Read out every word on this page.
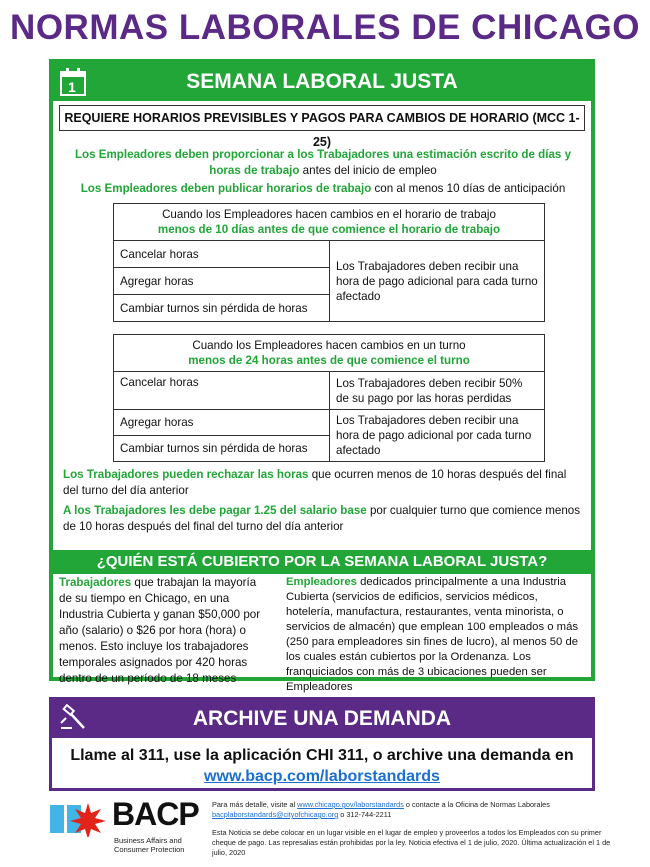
NORMAS LABORALES DE CHICAGO
1	SEMANA LABORAL JUSTA
REQUIERE HORARIOS PREVISIBLES Y PAGOS PARA CAMBIOS DE HORARIO (MCC 1-25)
Los Empleadores deben proporcionar a los Trabajadores una estimación escrito de días y horas de trabajo antes del inicio de empleo
Los Empleadores deben publicar horarios de trabajo con al menos 10 días de anticipación
Cuando los Empleadores hacen cambios en el horario de trabajo
menos de 10 días antes de que comience el horario de trabajo

Cancelar horas	Los Trabajadores deben recibir una hora de pago adicional para cada turno afectado
Agregar horas
Cambiar turnos sin pérdida de horas
Cuando los Empleadores hacen cambios en un turno
menos de 24 horas antes de que comience el turno	

Cancelar horas	Los Trabajadores deben recibir 50% de su pago por las horas perdidas
Agregar horas	Los Trabajadores deben recibir una hora de pago adicional por cada turno afectado
Cambiar turnos sin pérdida de horas	
Los Trabajadores pueden rechazar las horas que ocurren menos de 10 horas después del final del turno del día anterior
A los Trabajadores les debe pagar 1.25 del salario base por cualquier turno que comience menos de 10 horas después del final del turno del día anterior
¿QUIÉN ESTÁ CUBIERTO POR LA SEMANA LABORAL JUSTA?
Trabajadores que trabajan la mayoría de su tiempo en Chicago, en una Industria Cubierta y ganan $50,000 por año (salario) o $26 por hora (hora) o menos. Esto incluye los trabajadores temporales asignados por 420 horas dentro de un período de 18 meses
Empleadores dedicados principalmente a una Industria Cubierta (servicios de edificios, servicios médicos, hotelería, manufactura, restaurantes, venta minorista, o servicios de almacén) que emplean 100 empleados o más (250 para empleadores sin fines de lucro), al menos 50 de los cuales están cubiertos por la Ordenanza. Los franquiciados con más de 3 ubicaciones pueden ser Empleadores
ARCHIVE UNA DEMANDA
Llame al 311, use la aplicación CHI 311, o archive una demanda en
www.bacp.com/laborstandards
BACP
Business Affairs and
Consumer Protection
Para más detalle, visite al www.chicago.gov/laborstandards o contacte a la Oficina de Normas Laborales
bacplaborstandards@cityofchicago.org o 312-744-2211
Esta Noticia se debe colocar en un lugar visible en el lugar de empleo y proveerlos a todos los Empleados con su primer cheque de pago. Las represalias están prohibidas por la ley. Noticia efectiva el 1 de julio, 2020. Última actualización el 1 de julio, 2020
